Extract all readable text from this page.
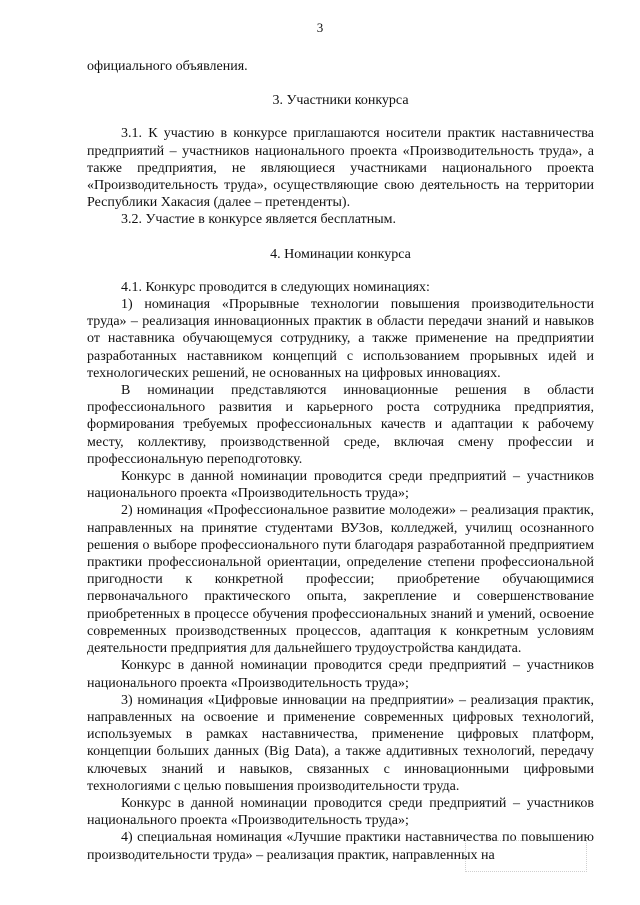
3

официального объявления.

3. Участники конкурса

3.1. К участию в конкурсе приглашаются носители практик наставничества предприятий – участников национального проекта «Производительность труда», а также предприятия, не являющиеся участниками национального проекта «Производительность труда», осуществляющие свою деятельность на территории Республики Хакасия (далее – претенденты).

3.2. Участие в конкурсе является бесплатным.

4. Номинации конкурса

4.1. Конкурс проводится в следующих номинациях:

1) номинация «Прорывные технологии повышения производительности труда» – реализация инновационных практик в области передачи знаний и навыков от наставника обучающемуся сотруднику, а также применение на предприятии разработанных наставником концепций с использованием прорывных идей и технологических решений, не основанных на цифровых инновациях.

В номинации представляются инновационные решения в области профессионального развития и карьерного роста сотрудника предприятия, формирования требуемых профессиональных качеств и адаптации к рабочему месту, коллективу, производственной среде, включая смену профессии и профессиональную переподготовку.

Конкурс в данной номинации проводится среди предприятий – участников национального проекта «Производительность труда»;

2) номинация «Профессиональное развитие молодежи» – реализация практик, направленных на принятие студентами ВУЗов, колледжей, училищ осознанного решения о выборе профессионального пути благодаря разработанной предприятием практики профессиональной ориентации, определение степени профессиональной пригодности к конкретной профессии; приобретение обучающимися первоначального практического опыта, закрепление и совершенствование приобретенных в процессе обучения профессиональных знаний и умений, освоение современных производственных процессов, адаптация к конкретным условиям деятельности предприятия для дальнейшего трудоустройства кандидата.

Конкурс в данной номинации проводится среди предприятий – участников национального проекта «Производительность труда»;

3) номинация «Цифровые инновации на предприятии» – реализация практик, направленных на освоение и применение современных цифровых технологий, используемых в рамках наставничества, применение цифровых платформ, концепции больших данных (Big Data), а также аддитивных технологий, передачу ключевых знаний и навыков, связанных с инновационными цифровыми технологиями с целью повышения производительности труда.

Конкурс в данной номинации проводится среди предприятий – участников национального проекта «Производительность труда»;

4) специальная номинация «Лучшие практики наставничества по повышению производительности труда» – реализация практик, направленных на
